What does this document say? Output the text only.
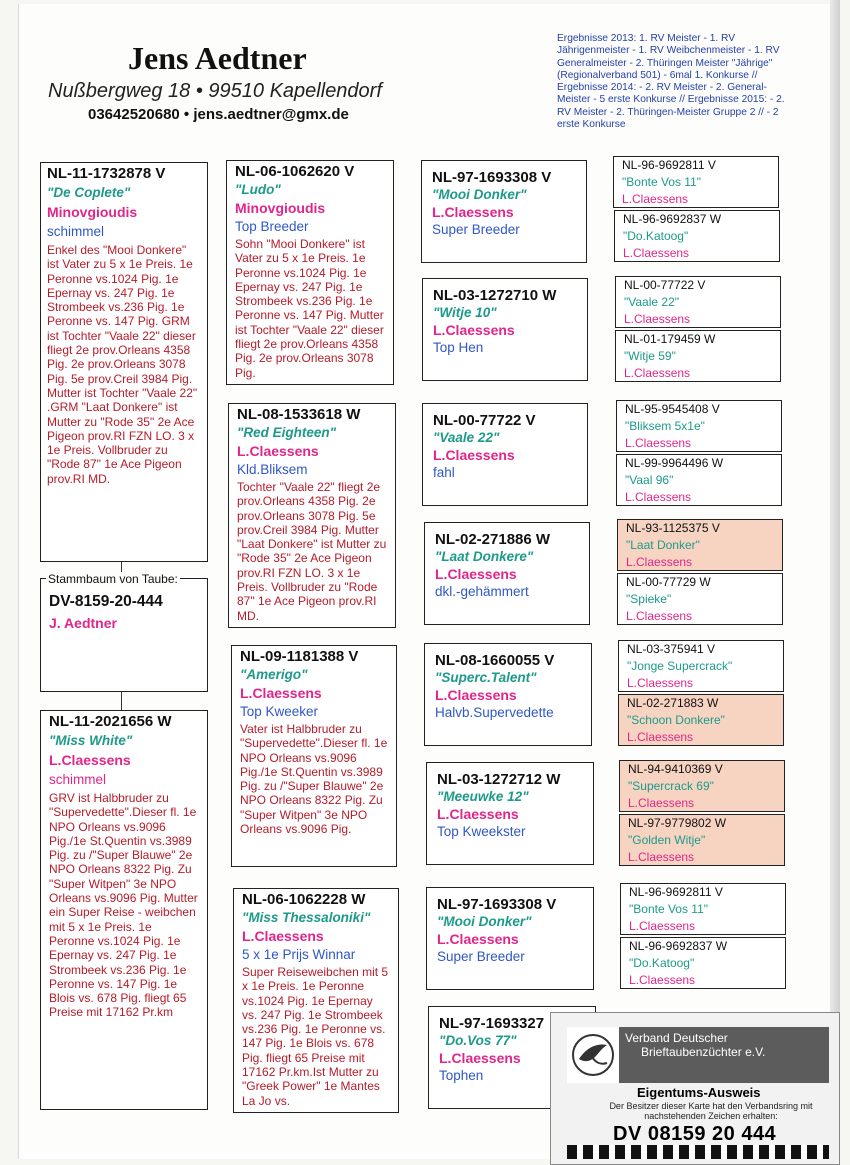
Jens Aedtner
Nußbergweg 18 • 99510 Kapellendorf
03642520680 • jens.aedtner@gmx.de
Ergebnisse 2013: 1. RV Meister - 1. RV Jährigenmeister - 1. RV Weibchenmeister - 1. RV Generalmeister - 2. Thüringen Meister "Jährige" (Regionalverband 501) - 6mal 1. Konkurse // Ergebnisse 2014: - 2. RV Meister - 2. General-Meister - 5 erste Konkurse // Ergebnisse 2015: - 2. RV Meister - 2. Thüringen-Meister Gruppe 2 // - 2 erste Konkurse
NL-11-1732878 V
"De Coplete"
Minovgioudis
schimmel
Enkel des "Mooi Donkere" ist Vater zu 5 x 1e Preis. 1e Peronne vs.1024 Pig. 1e Epernay vs. 247 Pig. 1e Strombeek vs.236 Pig. 1e Peronne vs. 147 Pig. GRM ist Tochter "Vaale 22" dieser fliegt 2e prov.Orleans 4358 Pig. 2e prov.Orleans 3078 Pig. 5e prov.Creil 3984 Pig. Mutter ist Tochter "Vaale 22" .GRM "Laat Donkere" ist Mutter zu "Rode 35" 2e Ace Pigeon prov.RI FZN LO. 3 x 1e Preis. Vollbruder zu "Rode 87" 1e Ace Pigeon prov.RI MD.
DV-8159-20-444
J. Aedtner
Stammbaum von Taube:
NL-11-2021656 W
"Miss White"
L.Claessens
schimmel
GRV ist Halbbruder zu "Supervedette".Dieser fl. 1e NPO Orleans vs.9096 Pig./1e St.Quentin vs.3989 Pig. zu /"Super Blauwe" 2e NPO Orleans 8322 Pig. Zu "Super Witpen" 3e NPO Orleans vs.9096 Pig. Mutter ein Super Reise - weibchen mit 5 x 1e Preis. 1e Peronne vs.1024 Pig. 1e Epernay vs. 247 Pig. 1e Strombeek vs.236 Pig. 1e Peronne vs. 147 Pig. 1e Blois vs. 678 Pig. fliegt 65 Preise mit 17162 Pr.km
NL-06-1062620 V
"Ludo"
Minovgioudis
Top Breeder
Sohn "Mooi Donkere" ist Vater zu 5 x 1e Preis. 1e Peronne vs.1024 Pig. 1e Epernay vs. 247 Pig. 1e Strombeek vs.236 Pig. 1e Peronne vs. 147 Pig. Mutter ist Tochter "Vaale 22" dieser fliegt 2e prov.Orleans 4358 Pig. 2e prov.Orleans 3078 Pig.
NL-08-1533618 W
"Red Eighteen"
L.Claessens
Kld.Bliksem
Tochter "Vaale 22" fliegt 2e prov.Orleans 4358 Pig. 2e prov.Orleans 3078 Pig. 5e prov.Creil 3984 Pig. Mutter "Laat Donkere" ist Mutter zu "Rode 35" 2e Ace Pigeon prov.RI FZN LO. 3 x 1e Preis. Vollbruder zu "Rode 87" 1e Ace Pigeon prov.RI MD.
NL-09-1181388 V
"Amerigo"
L.Claessens
Top Kweeker
Vater ist Halbbruder zu "Supervedette".Dieser fl. 1e NPO Orleans vs.9096 Pig./1e St.Quentin vs.3989 Pig. zu /"Super Blauwe" 2e NPO Orleans 8322 Pig. Zu "Super Witpen" 3e NPO Orleans vs.9096 Pig.
NL-06-1062228 W
"Miss Thessaloniki"
L.Claessens
5 x 1e Prijs Winnar
Super Reiseweibchen mit 5 x 1e Preis. 1e Peronne vs.1024 Pig. 1e Epernay vs. 247 Pig. 1e Strombeek vs.236 Pig. 1e Peronne vs. 147 Pig. 1e Blois vs. 678 Pig. fliegt 65 Preise mit 17162 Pr.km.Ist Mutter zu "Greek Power" 1e Mantes La Jo vs.
NL-97-1693308 V
"Mooi Donker"
L.Claessens
Super Breeder
NL-03-1272710 W
"Witje 10"
L.Claessens
Top Hen
NL-00-77722 V
"Vaale 22"
L.Claessens
fahl
NL-02-271886 W
"Laat Donkere"
L.Claessens
dkl.-gehämmert
NL-08-1660055 V
"Superc.Talent"
L.Claessens
Halvb.Supervedette
NL-03-1272712 W
"Meeuwke 12"
L.Claessens
Top Kweekster
NL-97-1693308 V
"Mooi Donker"
L.Claessens
Super Breeder
NL-97-1693327
"Do.Vos 77"
L.Claessens
Tophen
NL-96-9692811 V
"Bonte Vos 11"
L.Claessens
NL-96-9692837 W
"Do.Katoog"
L.Claessens
NL-00-77722 V
"Vaale 22"
L.Claessens
NL-01-179459 W
"Witje 59"
L.Claessens
NL-95-9545408 V
"Bliksem 5x1e"
L.Claessens
NL-99-9964496 W
"Vaal 96"
L.Claessens
NL-93-1125375 V
"Laat Donker"
L.Claessens
NL-00-77729 W
"Spieke"
L.Claessens
NL-03-375941 V
"Jonge Supercrack"
L.Claessens
NL-02-271883 W
"Schoon Donkere"
L.Claessens
NL-94-9410369 V
"Supercrack 69"
L.Claessens
NL-97-9779802 W
"Golden Witje"
L.Claessens
NL-96-9692811 V
"Bonte Vos 11"
L.Claessens
NL-96-9692837 W
"Do.Katoog"
L.Claessens
Verband Deutscher
Brieftaubenzüchter e.V.
Eigentums-Ausweis
Der Besitzer dieser Karte hat den Verbandsring mit nachstehenden Zeichen erhalten:
DV 08159 20 444
